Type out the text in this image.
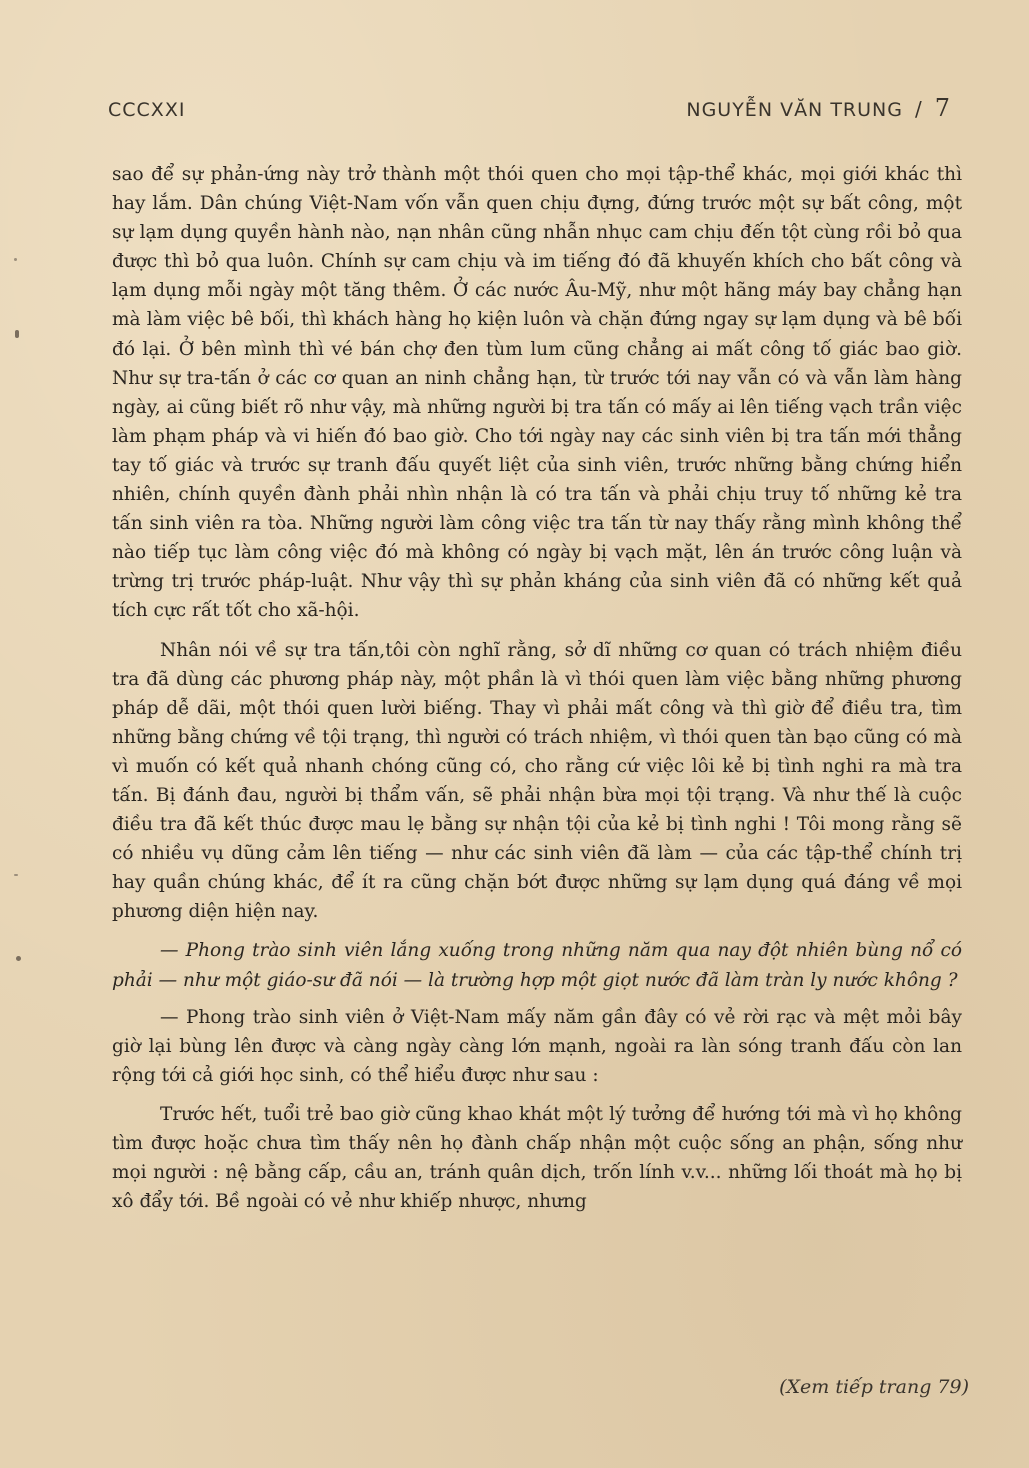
CCCXXI	NGUYỄN VĂN TRUNG / 7

sao để sự phản-ứng này trở thành một thói quen cho mọi tập-thể khác, mọi giới khác thì hay lắm. Dân chúng Việt-Nam vốn vẫn quen chịu đựng, đứng trước một sự bất công, một sự lạm dụng quyền hành nào, nạn nhân cũng nhẫn nhục cam chịu đến tột cùng rồi bỏ qua được thì bỏ qua luôn. Chính sự cam chịu và im tiếng đó đã khuyến khích cho bất công và lạm dụng mỗi ngày một tăng thêm. Ở các nước Âu-Mỹ, như một hãng máy bay chẳng hạn mà làm việc bê bối, thì khách hàng họ kiện luôn và chặn đứng ngay sự lạm dụng và bê bối đó lại. Ở bên mình thì vé bán chợ đen tùm lum cũng chẳng ai mất công tố giác bao giờ. Như sự tra-tấn ở các cơ quan an ninh chẳng hạn, từ trước tới nay vẫn có và vẫn làm hàng ngày, ai cũng biết rõ như vậy, mà những người bị tra tấn có mấy ai lên tiếng vạch trần việc làm phạm pháp và vi hiến đó bao giờ. Cho tới ngày nay các sinh viên bị tra tấn mới thẳng tay tố giác và trước sự tranh đấu quyết liệt của sinh viên, trước những bằng chứng hiển nhiên, chính quyền đành phải nhìn nhận là có tra tấn và phải chịu truy tố những kẻ tra tấn sinh viên ra tòa. Những người làm công việc tra tấn từ nay thấy rằng mình không thể nào tiếp tục làm công việc đó mà không có ngày bị vạch mặt, lên án trước công luận và trừng trị trước pháp-luật. Như vậy thì sự phản kháng của sinh viên đã có những kết quả tích cực rất tốt cho xã-hội.

Nhân nói về sự tra tấn,tôi còn nghĩ rằng, sở dĩ những cơ quan có trách nhiệm điều tra đã dùng các phương pháp này, một phần là vì thói quen làm việc bằng những phương pháp dễ dãi, một thói quen lười biếng. Thay vì phải mất công và thì giờ để điều tra, tìm những bằng chứng về tội trạng, thì người có trách nhiệm, vì thói quen tàn bạo cũng có mà vì muốn có kết quả nhanh chóng cũng có, cho rằng cứ việc lôi kẻ bị tình nghi ra mà tra tấn. Bị đánh đau, người bị thẩm vấn, sẽ phải nhận bừa mọi tội trạng. Và như thế là cuộc điều tra đã kết thúc được mau lẹ bằng sự nhận tội của kẻ bị tình nghi ! Tôi mong rằng sẽ có nhiều vụ dũng cảm lên tiếng — như các sinh viên đã làm — của các tập-thể chính trị hay quần chúng khác, để ít ra cũng chặn bớt được những sự lạm dụng quá đáng về mọi phương diện hiện nay.

— Phong trào sinh viên lắng xuống trong những năm qua nay đột nhiên bùng nổ có phải — như một giáo-sư đã nói — là trường hợp một giọt nước đã làm tràn ly nước không ?

— Phong trào sinh viên ở Việt-Nam mấy năm gần đây có vẻ rời rạc và mệt mỏi bây giờ lại bùng lên được và càng ngày càng lớn mạnh, ngoài ra làn sóng tranh đấu còn lan rộng tới cả giới học sinh, có thể hiểu được như sau :

Trước hết, tuổi trẻ bao giờ cũng khao khát một lý tưởng để hướng tới mà vì họ không tìm được hoặc chưa tìm thấy nên họ đành chấp nhận một cuộc sống an phận, sống như mọi người : nệ bằng cấp, cầu an, tránh quân dịch, trốn lính v.v... những lối thoát mà họ bị xô đẩy tới. Bề ngoài có vẻ như khiếp nhược, nhưng

(Xem tiếp trang 79)
